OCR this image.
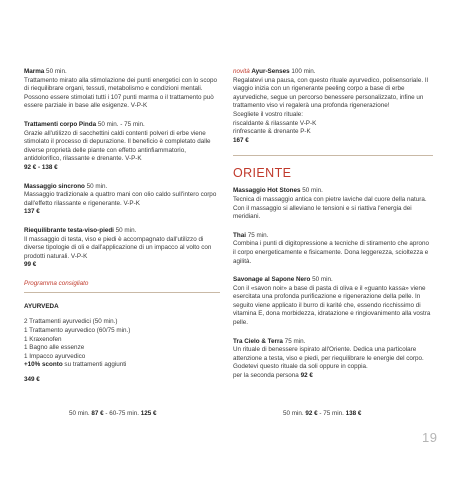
Marma 50 min.

Trattamento mirato alla stimolazione dei punti energetici con lo scopo di riequilibrare organi, tessuti, metabolismo e condizioni mentali. Possono essere stimolati tutti i 107 punti marma o il trattamento può essere parziale in base alle esigenze. V-P-K

Trattamenti corpo Pinda 50 min. - 75 min.

Grazie all'utilizzo di sacchettini caldi contenti polveri di erbe viene stimolato il processo di depurazione. Il beneficio è completato dalle diverse proprietà delle piante con effetto antinfiammatorio, antidolorifico, rilassante e drenante. V-P-K

92 € - 138 €

Massaggio sincrono 50 min.

Massaggio tradizionale a quattro mani con olio caldo sull'intero corpo dall'effetto rilassante e rigenerante. V-P-K

137 €

Riequilibrante testa-viso-piedi 50 min.

Il massaggio di testa, viso e piedi è accompagnato dall'utilizzo di diverse tipologie di oli e dall'applicazione di un impacco al volto con prodotti naturali. V-P-K

99 €

Programma consigliato

AYURVEDA

2 Trattamenti ayurvedici (50 min.)

1 Trattamento ayurvedico (60/75 min.)

1 Kraxenofen

1 Bagno alle essenze

1 Impacco ayurvedico

+10% sconto su trattamenti aggiunti

349 €

50 min. 87 € - 60-75 min. 125 €

novità Ayur-Senses 100 min.

Regalatevi una pausa, con questo rituale ayurvedico, polisensoriale. Il viaggio inizia con un rigenerante peeling corpo a base di erbe ayurvediche, segue un percorso benessere personalizzato, infine un trattamento viso vi regalerà una profonda rigenerazione!

Scegliete il vostro rituale:

riscaldante & rilassante V-P-K

rinfrescante & drenante P-K

167 €

ORIENTE

Massaggio Hot Stones 50 min.

Tecnica di massaggio antica con pietre laviche dal cuore della natura. Con il massaggio si alleviano le tensioni e si riattiva l'energia dei meridiani.

Thai 75 min.

Combina i punti di digitopressione a tecniche di stiramento che aprono il corpo energeticamente e fisicamente. Dona leggerezza, scioltezza e agilità.

Savonage al Sapone Nero 50 min.

Con il «savon noir» a base di pasta di oliva e il «guanto kassa» viene esercitata una profonda purificazione e rigenerazione della pelle. In seguito viene applicato il burro di karité che, essendo ricchissimo di vitamina E, dona morbidezza, idratazione e ringiovanimento alla vostra pelle.

Tra Cielo & Terra 75 min.

Un rituale di benessere ispirato all'Oriente. Dedica una particolare attenzione a testa, viso e piedi, per riequilibrare le energie del corpo. Godetevi questo rituale da soli oppure in coppia.

per la seconda persona 92 €

50 min. 92 € - 75 min. 138 €
19
